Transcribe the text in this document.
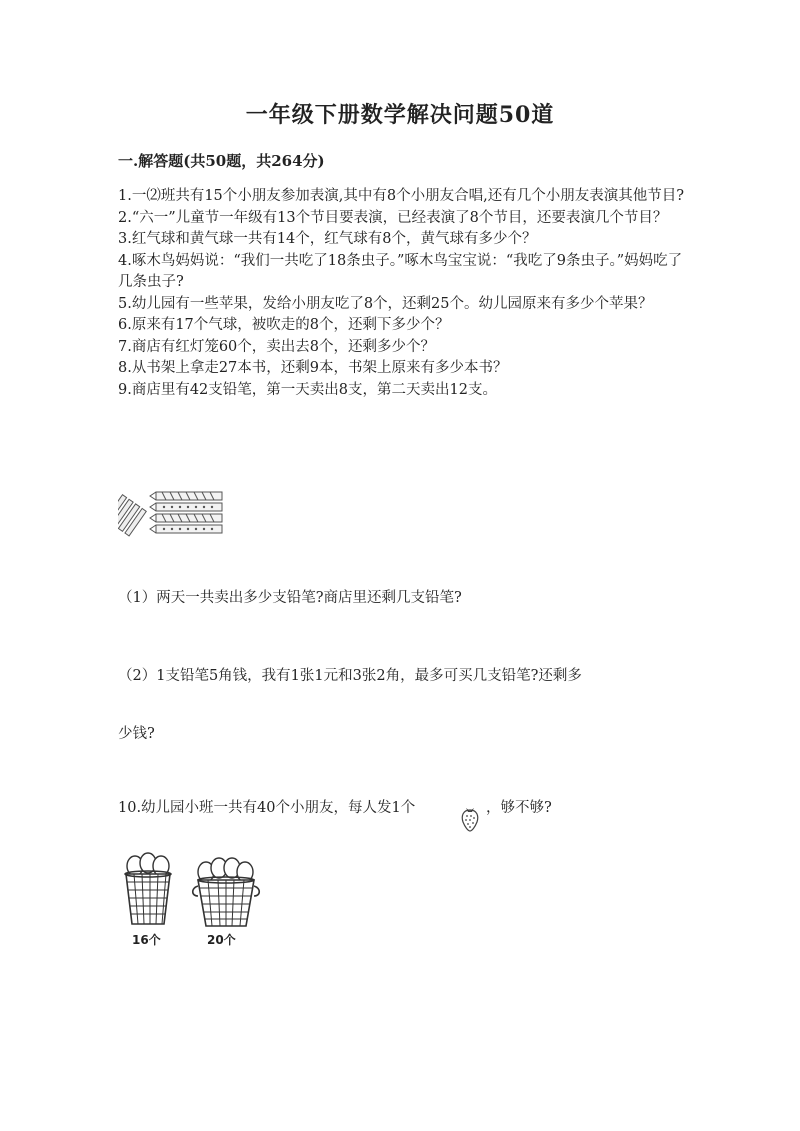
一年级下册数学解决问题50道
一.解答题(共50题，共264分)

1.一⑵班共有15个小朋友参加表演,其中有8个小朋友合唱,还有几个小朋友表演其他节目?

2.“六一”儿童节一年级有13个节目要表演，已经表演了8个节目，还要表演几个节目？

3.红气球和黄气球一共有14个，红气球有8个，黄气球有多少个？

4.啄木鸟妈妈说：“我们一共吃了18条虫子。”啄木鸟宝宝说：“我吃了9条虫子。”妈妈吃了几条虫子?

5.幼儿园有一些苹果，发给小朋友吃了8个，还剩25个。幼儿园原来有多少个苹果？

6.原来有17个气球，被吹走的8个，还剩下多少个？

7.商店有红灯笼60个，卖出去8个，还剩多少个？

8.从书架上拿走27本书，还剩9本，书架上原来有多少本书？

9.商店里有42支铅笔，第一天卖出8支，第二天卖出12支。

（1）两天一共卖出多少支铅笔?商店里还剩几支铅笔?
（2）1支铅笔5角钱，我有1张1元和3张2角，最多可买几支铅笔?还剩多
少钱?
10.幼儿园小班一共有40个小朋友，每人发1个	，够不够?
16个	20个
